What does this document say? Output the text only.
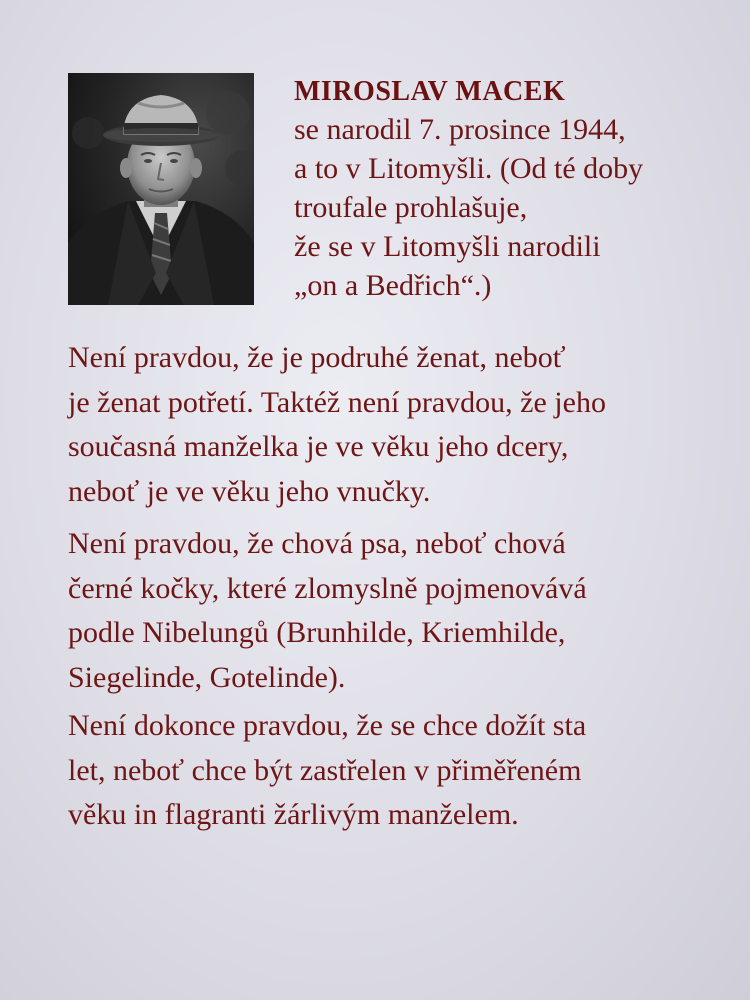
MIROSLAV MACEK
se narodil 7. prosince 1944,
a to v Litomyšli. (Od té doby
troufale prohlašuje,
že se v Litomyšli narodili
„on a Bedřich“.)
Není pravdou, že je podruhé ženat, neboť
je ženat potřetí. Taktéž není pravdou, že jeho
současná manželka je ve věku jeho dcery,
neboť je ve věku jeho vnučky.
Není pravdou, že chová psa, neboť chová
černé kočky, které zlomyslně pojmenovává
podle Nibelungů (Brunhilde, Kriemhilde,
Siegelinde, Gotelinde).
Není dokonce pravdou, že se chce dožít sta
let, neboť chce být zastřelen v přiměřeném
věku in flagranti žárlivým manželem.
